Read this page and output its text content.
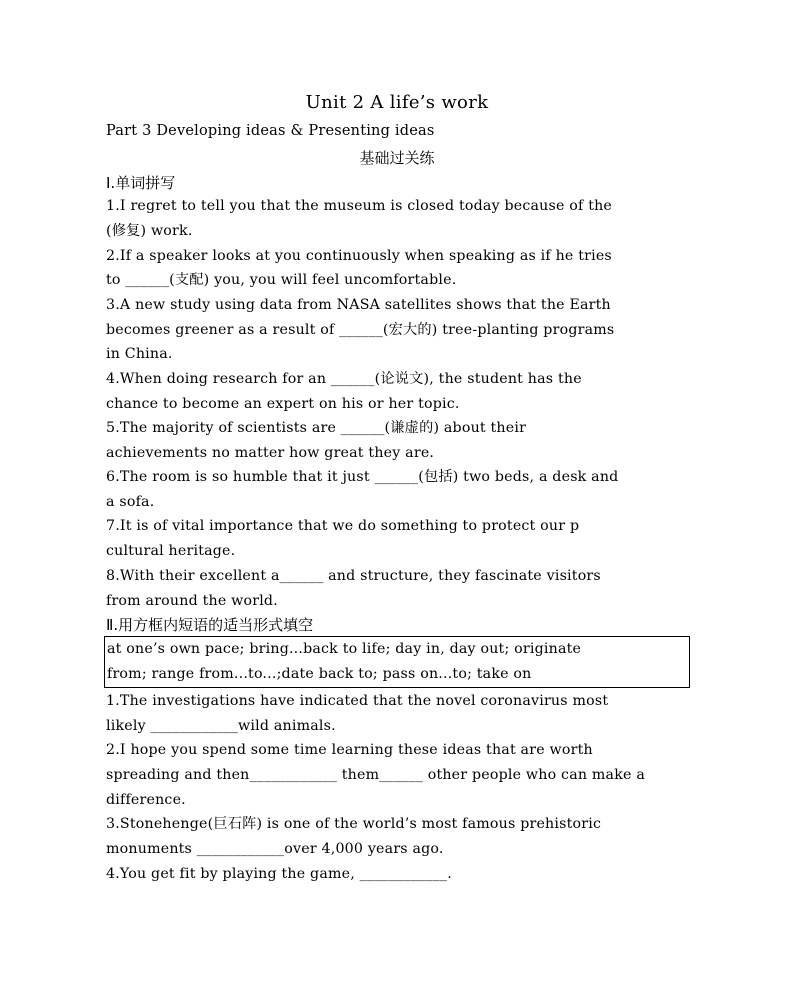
Unit 2 A life’s work
Part 3 Developing ideas & Presenting ideas
基础过关练
Ⅰ.单词拼写
1.I regret to tell you that the museum is closed today because of the
(修复) work.
2.If a speaker looks at you continuously when speaking as if he tries
to ______(支配) you, you will feel uncomfortable.
3.A new study using data from NASA satellites shows that the Earth
becomes greener as a result of ______(宏大的) tree-planting programs
in China.
4.When doing research for an ______(论说文), the student has the
chance to become an expert on his or her topic.
5.The majority of scientists are ______(谦虚的) about their
achievements no matter how great they are.
6.The room is so humble that it just ______(包括) two beds, a desk and
a sofa.
7.It is of vital importance that we do something to protect our p
cultural heritage.
8.With their excellent a______ and structure, they fascinate visitors
from around the world.
Ⅱ.用方框内短语的适当形式填空
at one’s own pace; bring...back to life; day in, day out; originate
from; range from...to...;date back to; pass on...to; take on
1.The investigations have indicated that the novel coronavirus most
likely ____________wild animals.
2.I hope you spend some time learning these ideas that are worth
spreading and then____________ them______ other people who can make a
difference.
3.Stonehenge(巨石阵) is one of the world’s most famous prehistoric
monuments ____________over 4,000 years ago.
4.You get fit by playing the game, ____________.
